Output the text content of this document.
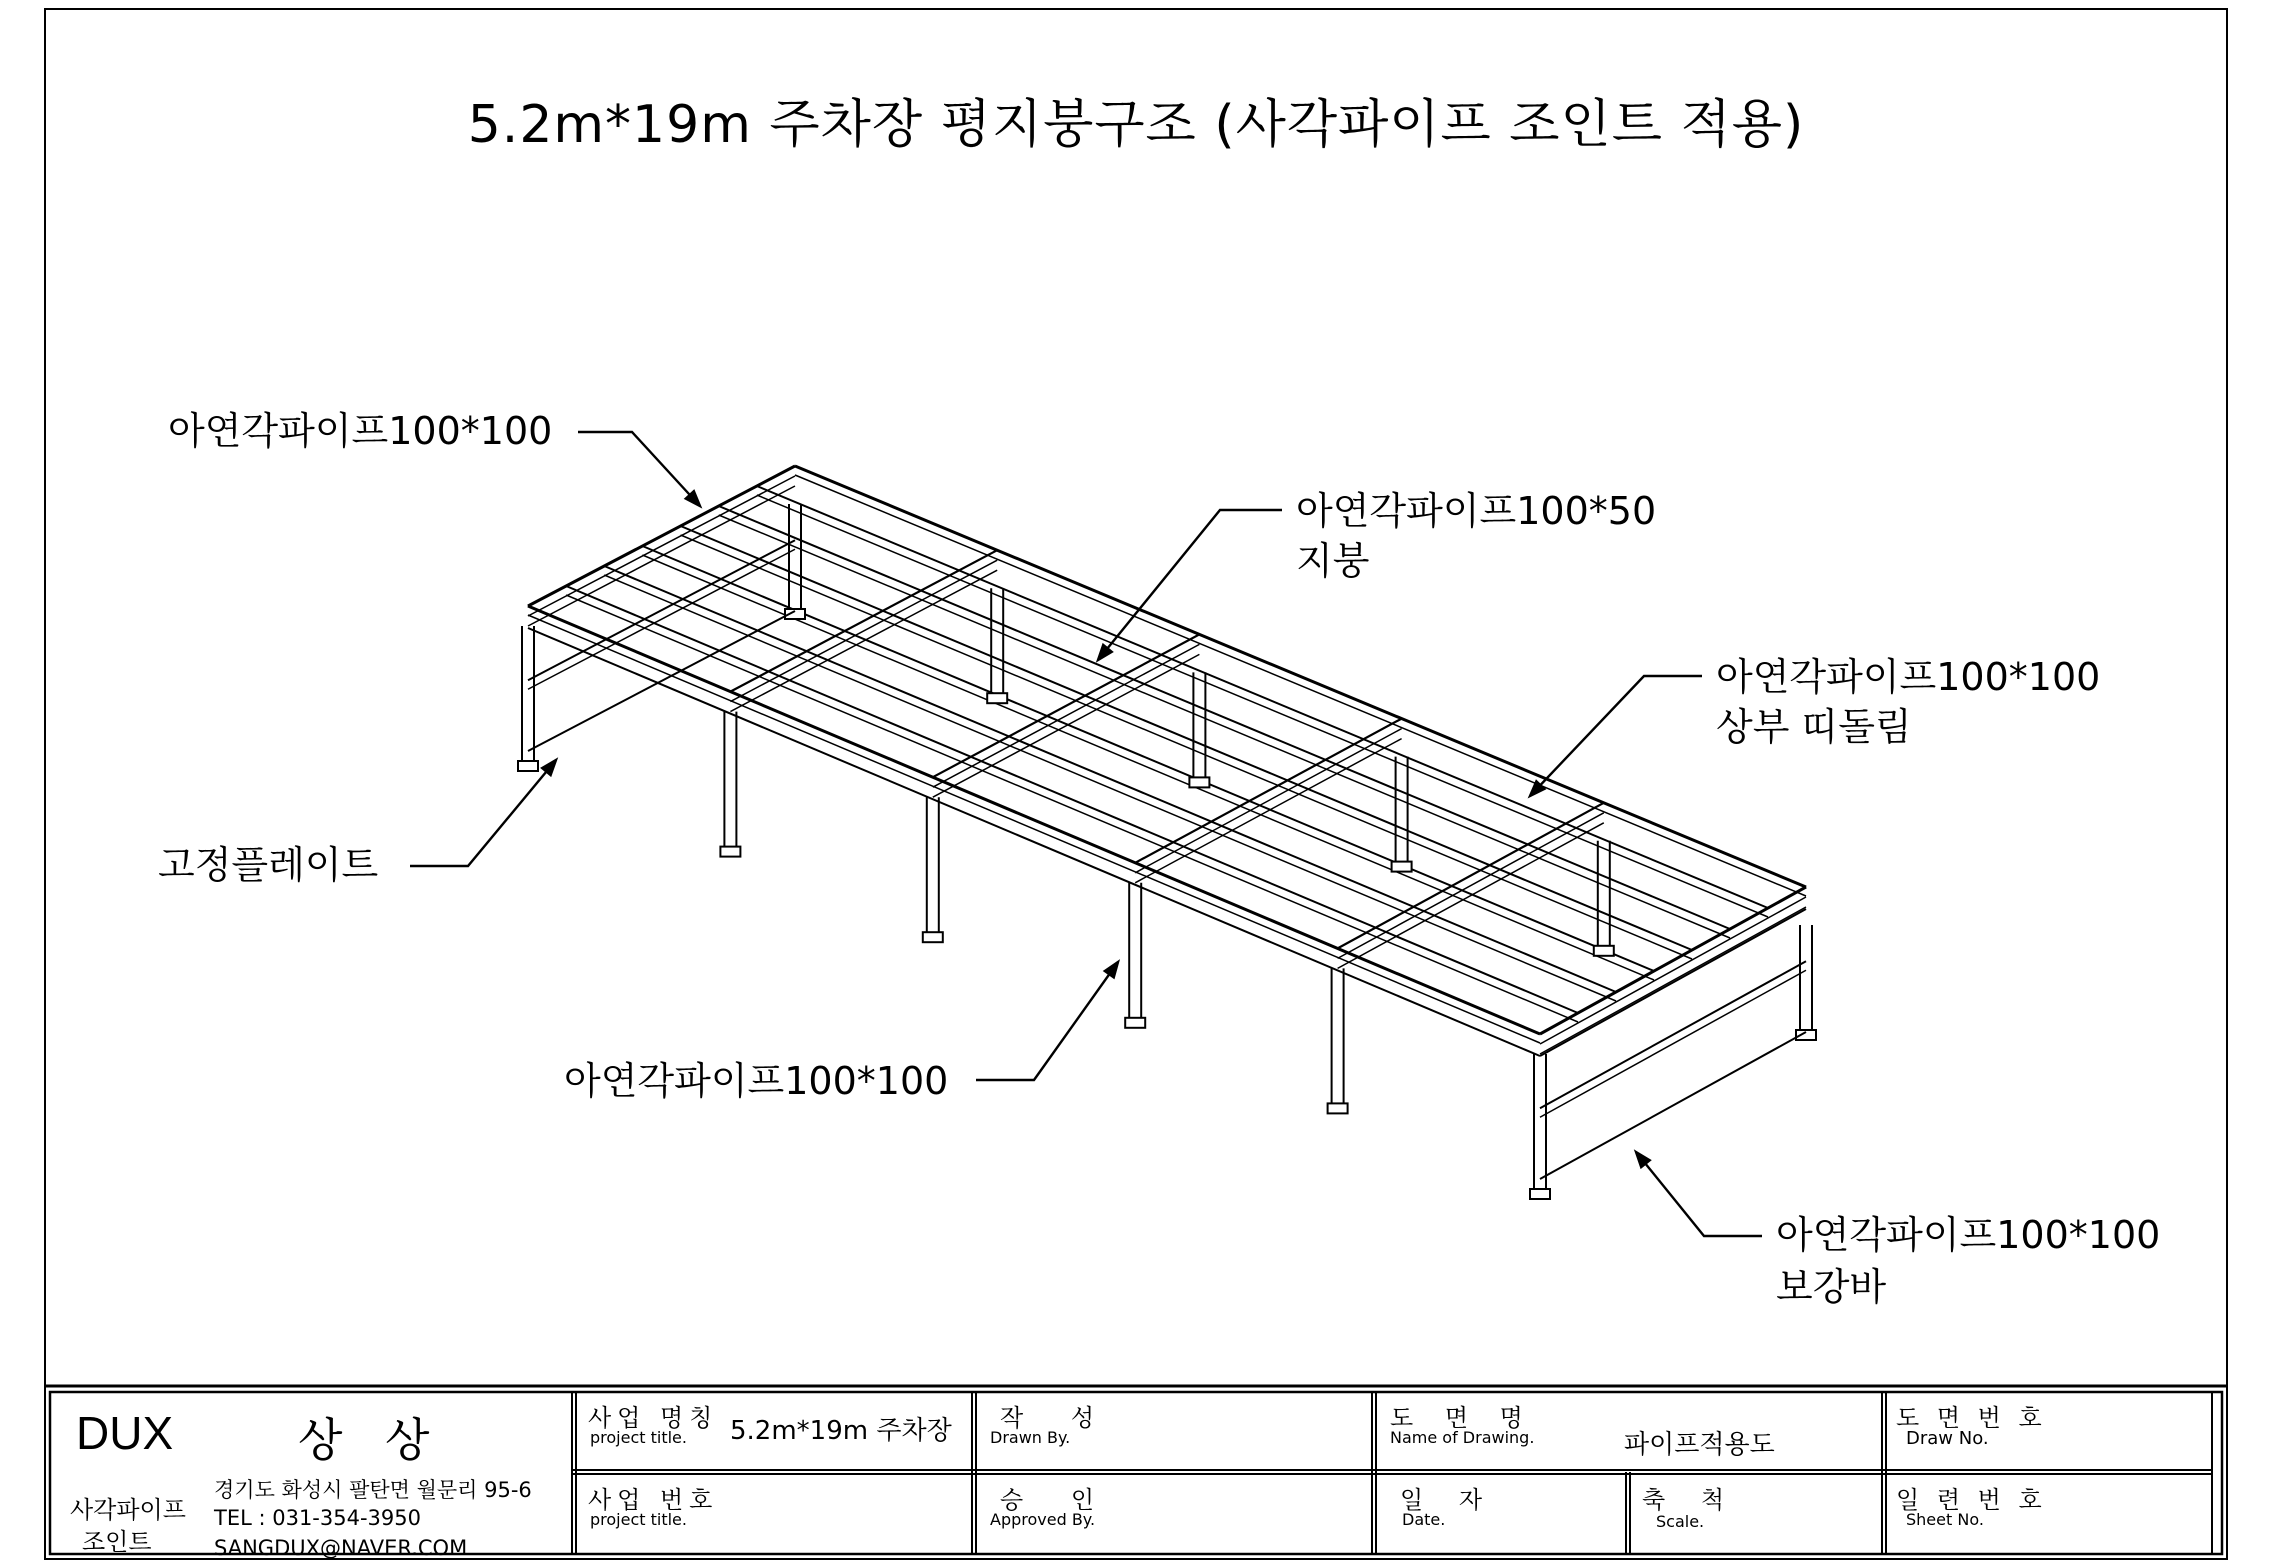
5.2m*19m 주차장 평지붕구조 (사각파이프 조인트 적용)
아연각파이프100*100
아연각파이프100*50
지붕
아연각파이프100*100
상부 띠돌림
고정플레이트
아연각파이프100*100
아연각파이프100*100
보강바
DUX	상 상
사각파이프
조인트
경기도 화성시 팔탄면 월문리 95-6
TEL : 031-354-3950
SANGDUX@NAVER.COM
사업 명칭
project title. 5.2m*19m 주차장
사업 번호
project title.
작 성
Drawn By.
승 인
Approved By.
도 면 명
Name of Drawing.	파이프적용도
일 자
Date.
축 척
Scale.
도 면 번 호
Draw No.
일 련 번 호
Sheet No.
